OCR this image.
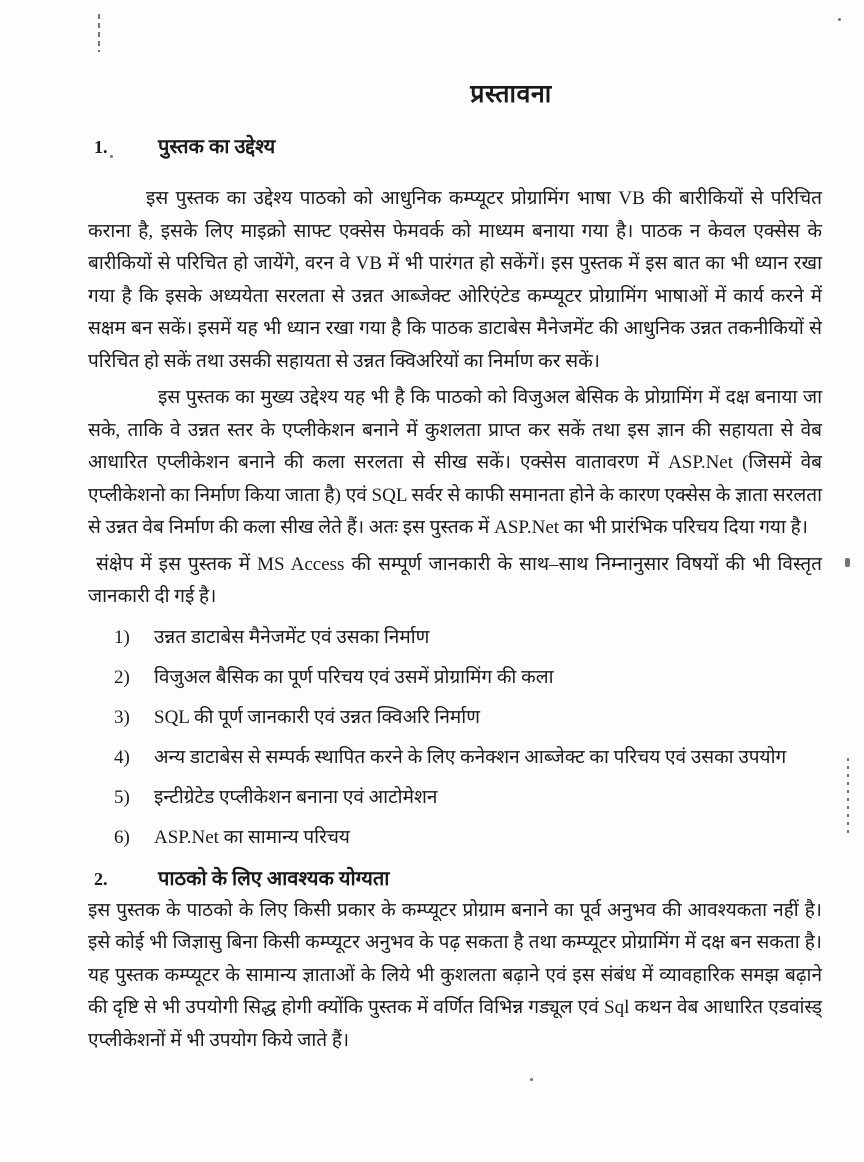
प्रस्तावना
1.	पुस्तक का उद्देश्य

इस पुस्तक का उद्देश्य पाठको को आधुनिक कम्प्यूटर प्रोग्रामिंग भाषा VB की बारीकियों से परिचित कराना है, इसके लिए माइक्रो साफ्ट एक्सेस फेमवर्क को माध्यम बनाया गया है। पाठक न केवल एक्सेस के बारीकियों से परिचित हो जायेंगे, वरन वे VB में भी पारंगत हो सकेंगें। इस पुस्तक में इस बात का भी ध्यान रखा गया है कि इसके अध्ययेता सरलता से उन्नत आब्जेक्ट ओरिएंटेड कम्प्यूटर प्रोग्रामिंग भाषाओं में कार्य करने में सक्षम बन सकें। इसमें यह भी ध्यान रखा गया है कि पाठक डाटाबेस मैनेजमेंट की आधुनिक उन्नत तकनीकियों से परिचित हो सकें तथा उसकी सहायता से उन्नत क्विअरियों का निर्माण कर सकें।

इस पुस्तक का मुख्य उद्देश्य यह भी है कि पाठको को विजुअल बेसिक के प्रोग्रामिंग में दक्ष बनाया जा सके, ताकि वे उन्नत स्तर के एप्लीकेशन बनाने में कुशलता प्राप्त कर सकें तथा इस ज्ञान की सहायता से वेब आधारित एप्लीकेशन बनाने की कला सरलता से सीख सकें। एक्सेस वातावरण में ASP.Net (जिसमें वेब एप्लीकेशनो का निर्माण किया जाता है) एवं SQL सर्वर से काफी समानता होने के कारण एक्सेस के ज्ञाता सरलता से उन्नत वेब निर्माण की कला सीख लेते हैं। अतः इस पुस्तक में ASP.Net का भी प्रारंभिक परिचय दिया गया है।

संक्षेप में इस पुस्तक में MS Access की सम्पूर्ण जानकारी के साथ–साथ निम्नानुसार विषयों की भी विस्तृत जानकारी दी गई है।

1)	उन्नत डाटाबेस मैनेजमेंट एवं उसका निर्माण
2)	विजुअल बैसिक का पूर्ण परिचय एवं उसमें प्रोग्रामिंग की कला
3)	SQL की पूर्ण जानकारी एवं उन्नत क्विअरि निर्माण
4)	अन्य डाटाबेस से सम्पर्क स्थापित करने के लिए कनेक्शन आब्जेक्ट का परिचय एवं उसका उपयोग
5)	इन्टीग्रेटेड एप्लीकेशन बनाना एवं आटोमेशन
6)	ASP.Net का सामान्य परिचय
2.	पाठको के लिए आवश्यक योग्यता

इस पुस्तक के पाठको के लिए किसी प्रकार के कम्प्यूटर प्रोग्राम बनाने का पूर्व अनुभव की आवश्यकता नहीं है। इसे कोई भी जिज्ञासु बिना किसी कम्प्यूटर अनुभव के पढ़ सकता है तथा कम्प्यूटर प्रोग्रामिंग में दक्ष बन सकता है। यह पुस्तक कम्प्यूटर के सामान्य ज्ञाताओं के लिये भी कुशलता बढ़ाने एवं इस संबंध में व्यावहारिक समझ बढ़ाने की दृष्टि से भी उपयोगी सिद्ध होगी क्योंकि पुस्तक में वर्णित विभिन्न गड्यूल एवं Sql कथन वेब आधारित एडवांस्ड् एप्लीकेशनों में भी उपयोग किये जाते हैं।
